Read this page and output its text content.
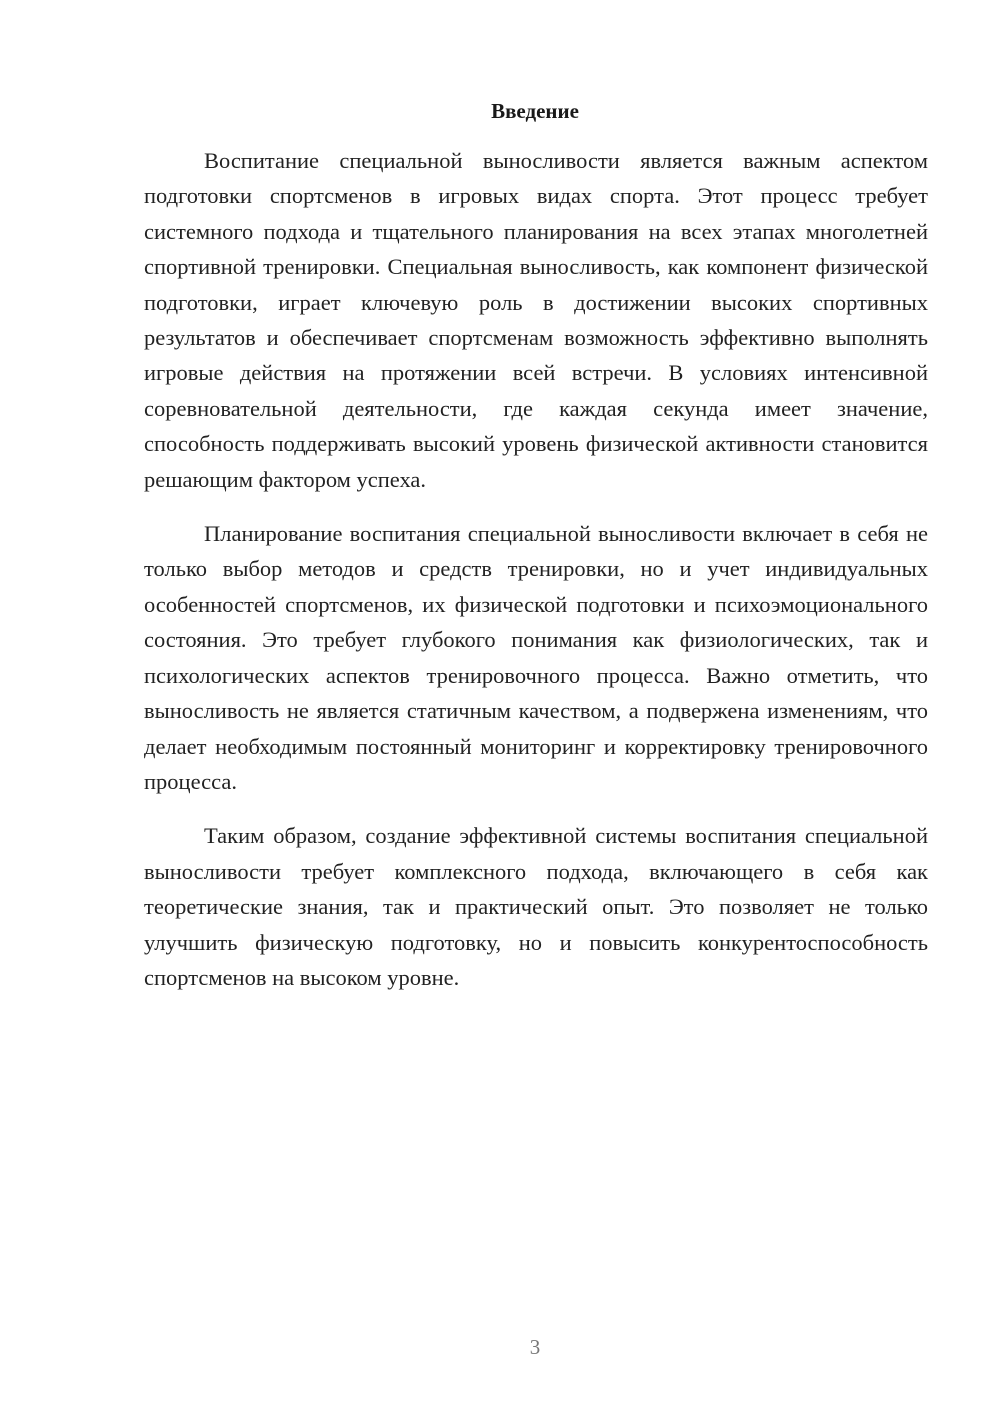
Введение

Воспитание специальной выносливости является важным аспектом подготовки спортсменов в игровых видах спорта. Этот процесс требует системного подхода и тщательного планирования на всех этапах многолетней спортивной тренировки. Специальная выносливость, как компонент физической подготовки, играет ключевую роль в достижении высоких спортивных результатов и обеспечивает спортсменам возможность эффективно выполнять игровые действия на протяжении всей встречи. В условиях интенсивной соревновательной деятельности, где каждая секунда имеет значение, способность поддерживать высокий уровень физической активности становится решающим фактором успеха.

Планирование воспитания специальной выносливости включает в себя не только выбор методов и средств тренировки, но и учет индивидуальных особенностей спортсменов, их физической подготовки и психоэмоционального состояния. Это требует глубокого понимания как физиологических, так и психологических аспектов тренировочного процесса. Важно отметить, что выносливость не является статичным качеством, а подвержена изменениям, что делает необходимым постоянный мониторинг и корректировку тренировочного процесса.

Таким образом, создание эффективной системы воспитания специальной выносливости требует комплексного подхода, включающего в себя как теоретические знания, так и практический опыт. Это позволяет не только улучшить физическую подготовку, но и повысить конкурентоспособность спортсменов на высоком уровне.

3
